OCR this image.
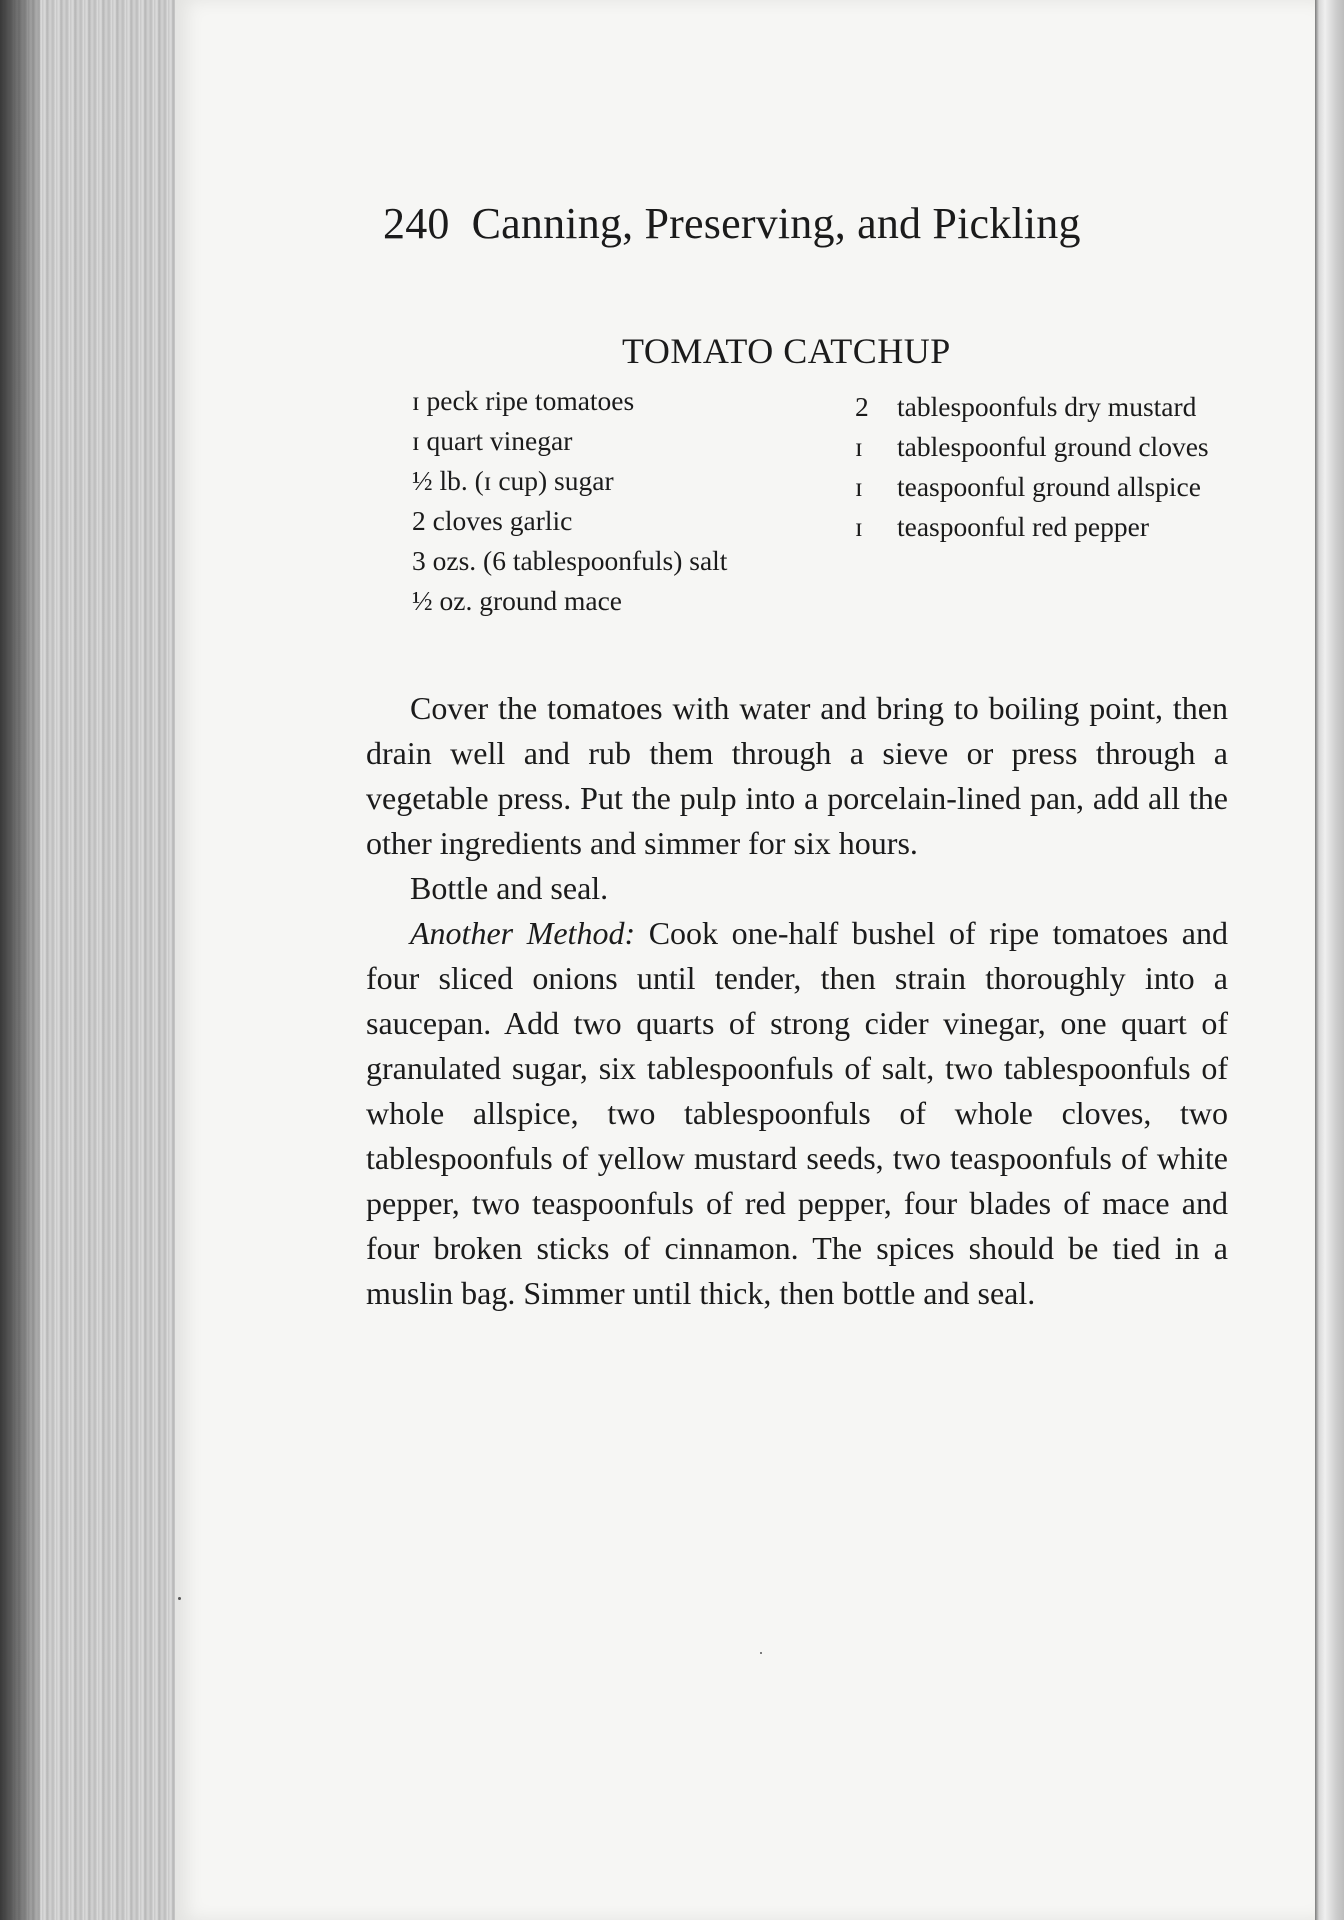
240 Canning, Preserving, and Pickling
TOMATO CATCHUP
ɪ peck ripe tomatoes
ɪ quart vinegar
½ lb. (ɪ cup) sugar
2 cloves garlic
3 ozs. (6 tablespoonfuls) salt
½ oz. ground mace
2 tablespoonfuls dry mustard
ɪ tablespoonful ground cloves
ɪ teaspoonful ground allspice
ɪ teaspoonful red pepper

Cover the tomatoes with water and bring to boiling point, then drain well and rub them through a sieve or press through a vegetable press. Put the pulp into a porcelain-lined pan, add all the other ingredients and simmer for six hours.

Bottle and seal.

Another Method: Cook one-half bushel of ripe tomatoes and four sliced onions until tender, then strain thoroughly into a saucepan. Add two quarts of strong cider vinegar, one quart of granulated sugar, six tablespoonfuls of salt, two tablespoonfuls of whole allspice, two tablespoonfuls of whole cloves, two tablespoonfuls of yellow mustard seeds, two teaspoonfuls of white pepper, two teaspoonfuls of red pepper, four blades of mace and four broken sticks of cinnamon. The spices should be tied in a muslin bag. Simmer until thick, then bottle and seal.
